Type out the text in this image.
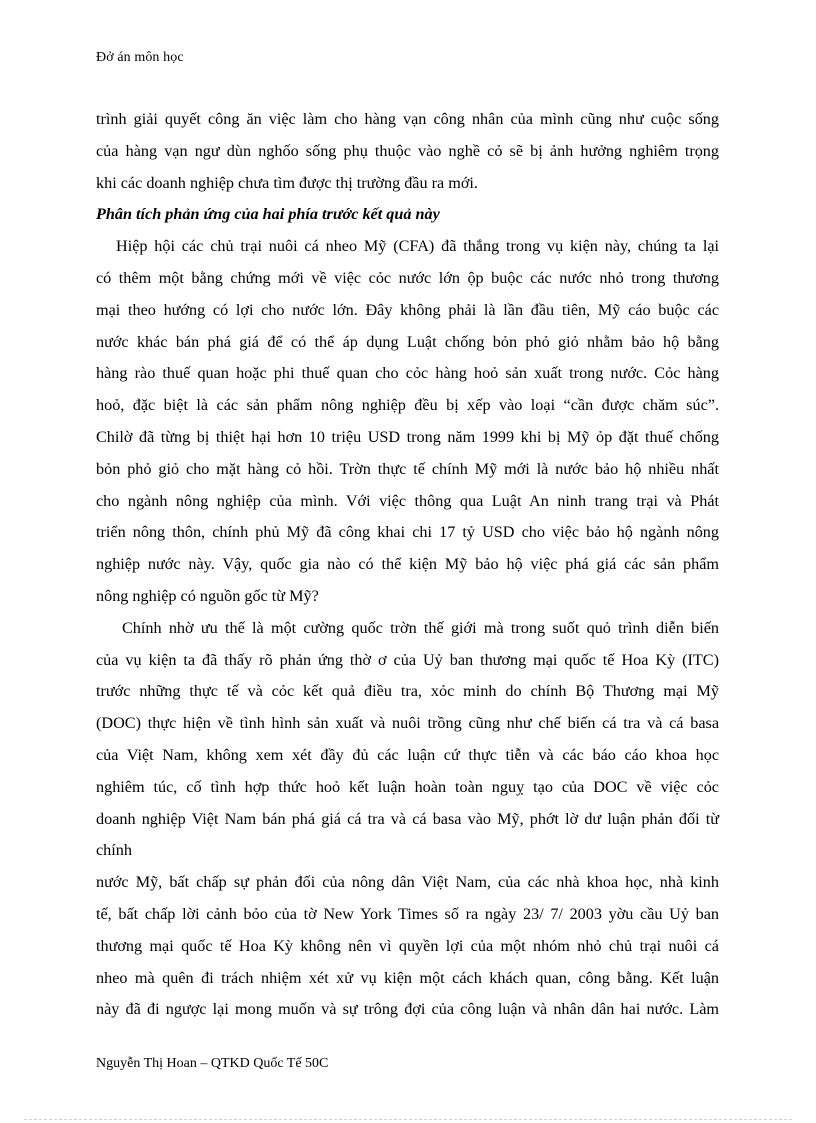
Đở án môn học
trình giải quyết công ăn việc làm cho hàng vạn công nhân của mình cũng như cuộc sống
của hàng vạn ngư dùn nghốo sống phụ thuộc vào nghề cỏ sẽ bị ảnh hưởng nghiêm trọng
khi các doanh nghiệp chưa tìm được thị trường đầu ra mới.
Phân tích phản ứng của hai phía trước kết quả này
Hiệp hội các chủ trại nuôi cá nheo Mỹ (CFA) đã thắng trong vụ kiện này, chúng ta lại
có thêm một bằng chứng mới về việc cỏc nước lớn ộp buộc các nước nhỏ trong thương
mại theo hướng có lợi cho nước lớn. Đây không phải là lần đầu tiên, Mỹ cáo buộc các
nước khác bán phá giá để có thể áp dụng Luật chống bỏn phỏ giỏ nhằm bảo hộ bằng
hàng rào thuế quan hoặc phi thuế quan cho cỏc hàng hoỏ sản xuất trong nước. Cỏc hàng
hoỏ, đặc biệt là các sản phẩm nông nghiệp đều bị xếp vào loại “cần được chăm súc”.
Chilờ đã từng bị thiệt hại hơn 10 triệu USD trong năm 1999 khi bị Mỹ ỏp đặt thuế chống
bỏn phỏ giỏ cho mặt hàng cỏ hồi. Trờn thực tế chính Mỹ mới là nước bảo hộ nhiều nhất
cho ngành nông nghiệp của mình. Với việc thông qua Luật An ninh trang trại và Phát
triển nông thôn, chính phủ Mỹ đã công khai chi 17 tỷ USD cho việc bảo hộ ngành nông
nghiệp nước này. Vậy, quốc gia nào có thể kiện Mỹ bảo hộ việc phá giá các sản phẩm
nông nghiệp có nguồn gốc từ Mỹ?
Chính nhờ ưu thế là một cường quốc trờn thế giới mà trong suốt quỏ trình diễn biến
của vụ kiện ta đã thấy rõ phản ứng thờ ơ của Uỷ ban thương mại quốc tế Hoa Kỳ (ITC)
trước những thực tế và cỏc kết quả điều tra, xỏc minh do chính Bộ Thương mại Mỹ
(DOC) thực hiện về tình hình sản xuất và nuôi trồng cũng như chế biến cá tra và cá basa
của Việt Nam, không xem xét đầy đủ các luận cứ thực tiễn và các báo cáo khoa học
nghiêm túc, cố tình hợp thức hoỏ kết luận hoàn toàn nguỵ tạo của DOC về việc cỏc
doanh nghiệp Việt Nam bán phá giá cá tra và cá basa vào Mỹ, phớt lờ dư luận phản đối từ
chính
nước Mỹ, bất chấp sự phản đối của nông dân Việt Nam, của các nhà khoa học, nhà kinh
tế, bất chấp lời cảnh bỏo của tờ New York Times số ra ngày 23/ 7/ 2003 yờu cầu Uỷ ban
thương mại quốc tế Hoa Kỳ không nên vì quyền lợi của một nhóm nhỏ chủ trại nuôi cá
nheo mà quên đi trách nhiệm xét xử vụ kiện một cách khách quan, công bằng. Kết luận
này đã đi ngược lại mong muốn và sự trông đợi của công luận và nhân dân hai nước. Làm
Nguyễn Thị Hoan – QTKD Quốc Tế 50C
